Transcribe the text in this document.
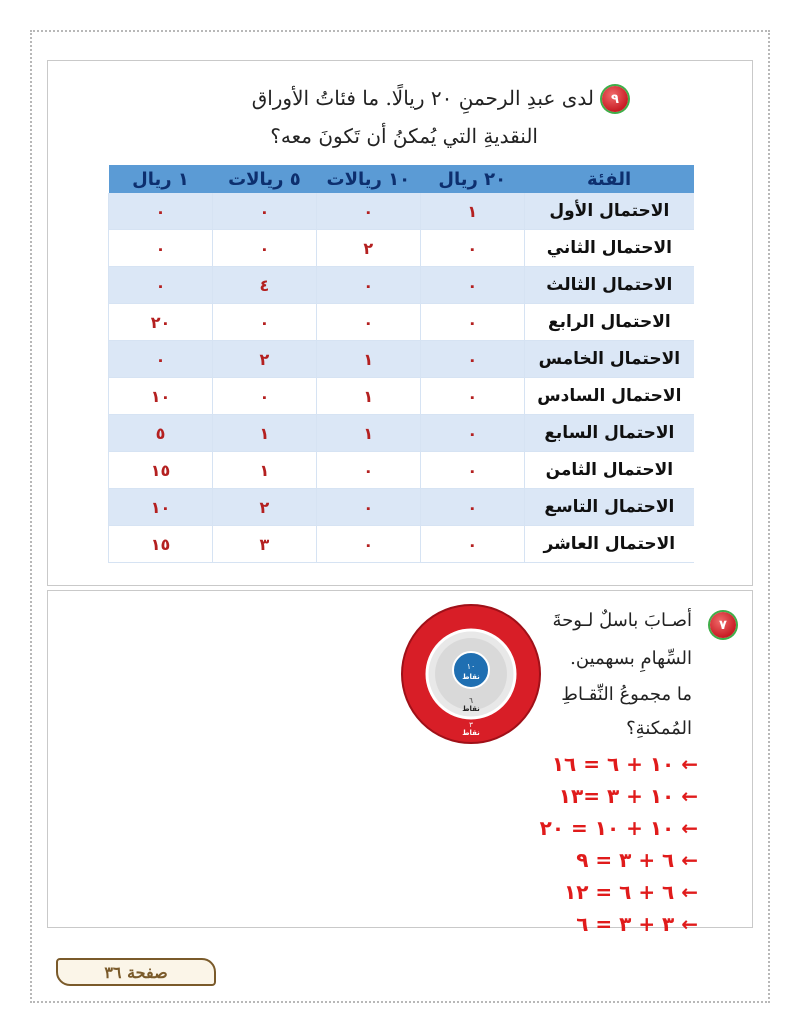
٩
لدى عبدِ الرحمنِ ٢٠ ريالًا. ما فئاتُ الأوراق
النقديةِ التي يُمكنُ أن تَكونَ معه؟
الفئة	٢٠ ريال	١٠ ريالات	٥ ريالات	١ ريال
الاحتمال الأول	١	٠	٠	٠
الاحتمال الثاني	٠	٢	٠	٠
الاحتمال الثالث	٠	٠	٤	٠
الاحتمال الرابع	٠	٠	٠	٢٠
الاحتمال الخامس	٠	١	٢	٠
الاحتمال السادس	٠	١	٠	١٠
الاحتمال السابع	٠	١	١	٥
الاحتمال الثامن	٠	٠	١	١٥
الاحتمال التاسع	٠	٠	٢	١٠
الاحتمال العاشر	٠	٠	٣	١٥
٧
أصـابَ باسلٌ لـوحةَ
السِّهامِ بسهمين.
ما مجموعُ النِّقـاطِ
المُمكنةِ؟
١٠
نقاط
٦
نقاط
٣
نقاط
← ١٠ + ٦ = ١٦
← ١٠ + ٣ =١٣
← ١٠ + ١٠ = ٢٠
← ٦ + ٣ = ٩
← ٦ + ٦ = ١٢
← ٣ + ٣ = ٦
صفحة ٣٦
